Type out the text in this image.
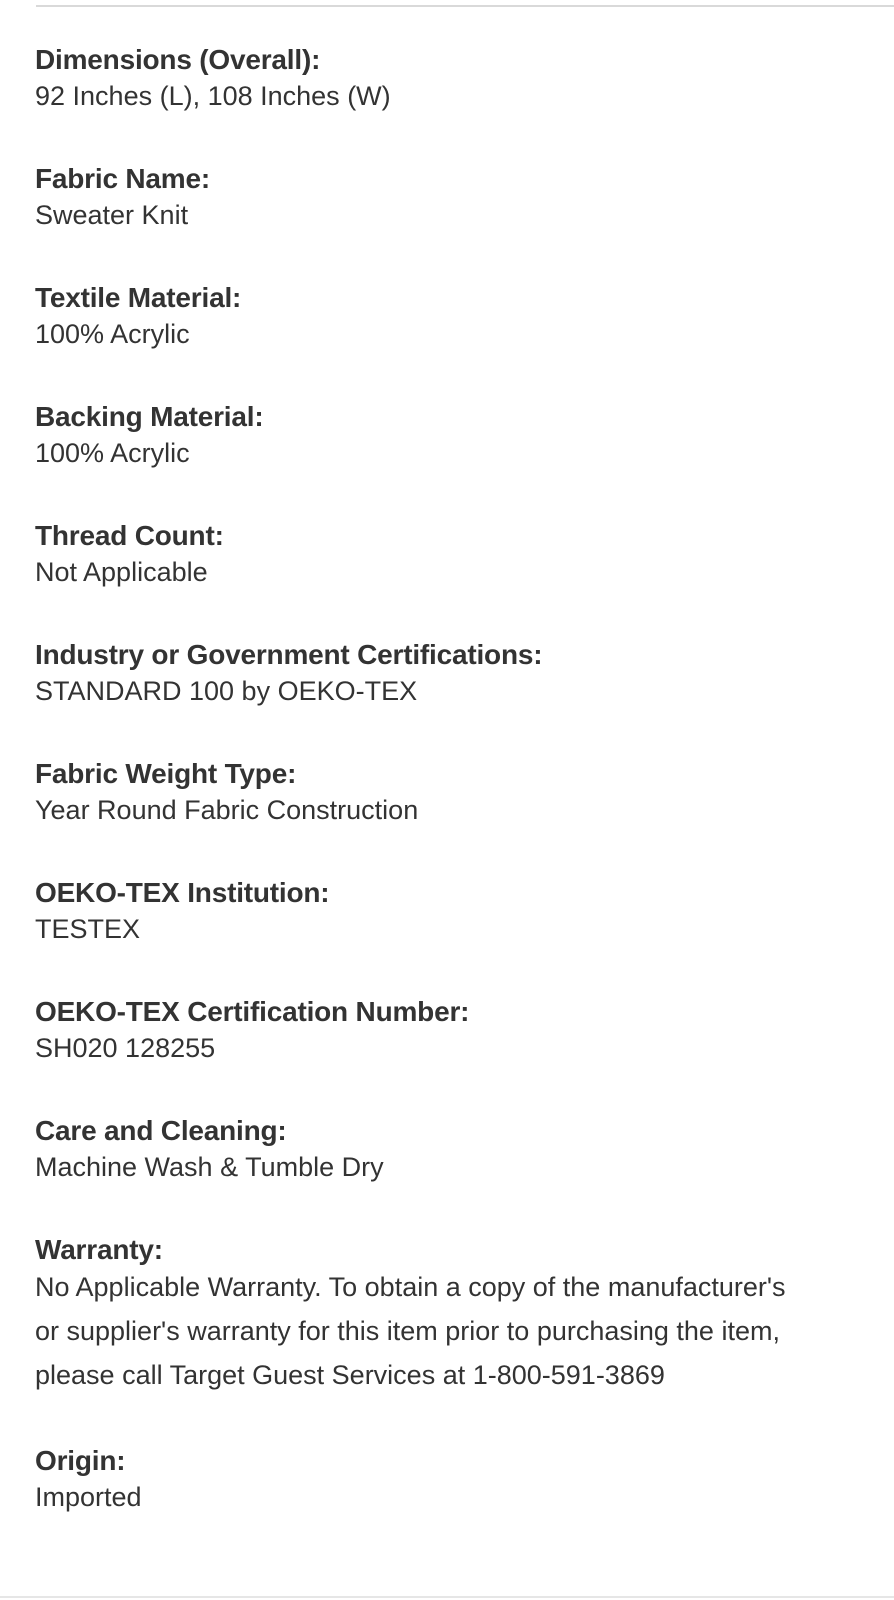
Dimensions (Overall):
92 Inches (L), 108 Inches (W)
Fabric Name:
Sweater Knit
Textile Material:
100% Acrylic
Backing Material:
100% Acrylic
Thread Count:
Not Applicable
Industry or Government Certifications:
STANDARD 100 by OEKO-TEX
Fabric Weight Type:
Year Round Fabric Construction
OEKO-TEX Institution:
TESTEX
OEKO-TEX Certification Number:
SH020 128255
Care and Cleaning:
Machine Wash & Tumble Dry
Warranty:
No Applicable Warranty. To obtain a copy of the manufacturer's or supplier's warranty for this item prior to purchasing the item, please call Target Guest Services at 1-800-591-3869
Origin:
Imported
